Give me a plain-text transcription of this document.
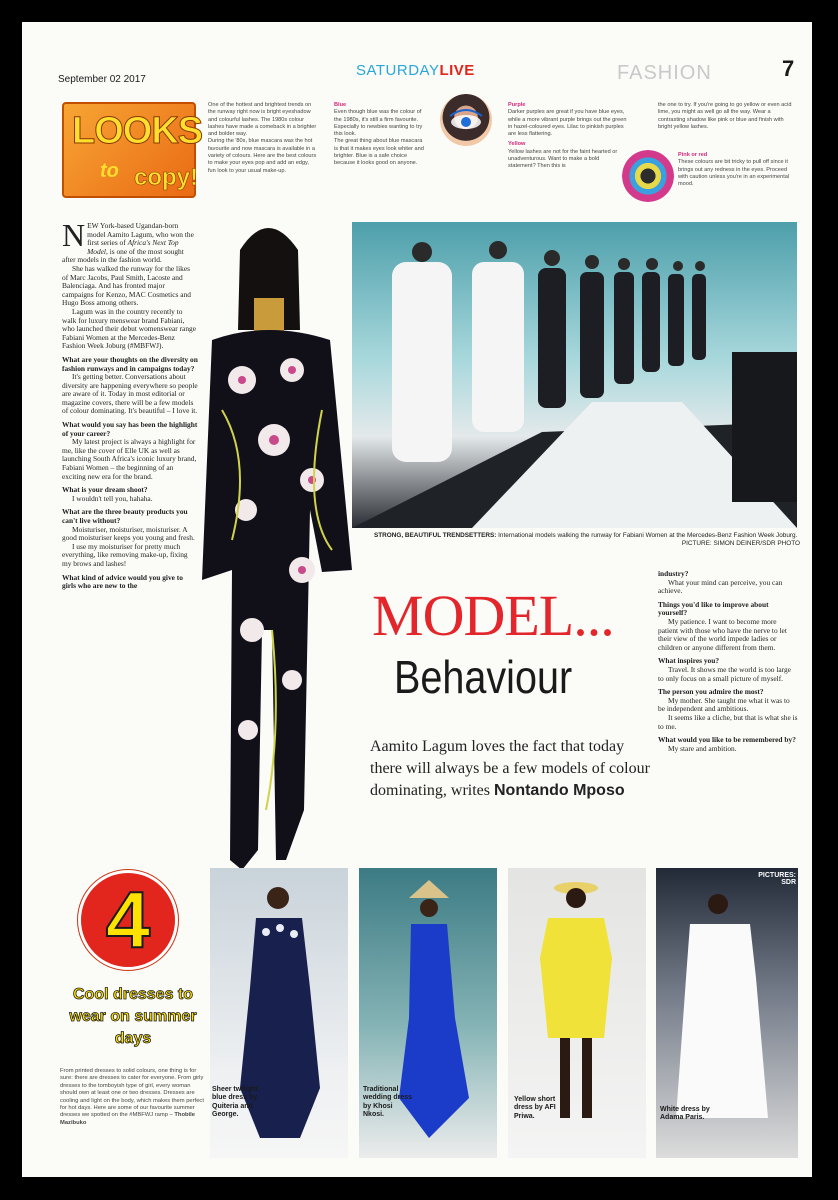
September 02 2017
SATURDAYLIVE	FASHION	7
LOOKS
to copy!
One of the hottest and brightest trends on the runway right now is bright eyeshadow and colourful lashes. The 1980s colour lashes have made a comeback in a brighter and bolder way.
During the '80s, blue mascara was the hot favourite and now mascara is available in a variety of colours. Here are the best colours to make your eyes pop and add an edgy, fun look to your usual make-up.
Blue
Even though blue was the colour of the 1980s, it's still a firm favourite. Especially to newbies wanting to try this look.
The great thing about blue mascara is that it makes eyes look whiter and brighter. Blue is a safe choice because it looks good on anyone.
Purple
Darker purples are great if you have blue eyes, while a more vibrant purple brings out the green in hazel-coloured eyes. Lilac to pinkish purples are less flattering.
Yellow
Yellow lashes are not for the faint hearted or unadventurous. Want to make a bold statement? Then this is
the one to try. If you're going to go yellow or even acid lime, you might as well go all the way. Wear a contrasting shadow like pink or blue and finish with bright yellow lashes.
Pink or red
These colours are bit tricky to pull off since it brings out any redness in the eyes. Proceed with caution unless you're in an experimental mood.
STRONG, BEAUTIFUL TRENDSETTERS: International models walking the runway for Fabiani Women at the Mercedes-Benz Fashion Week Joburg.
PICTURE: SIMON DEINER/SDR PHOTO
N EW York-based Ugandan-born model Aamito Lagum, who won the first series of Africa's Next Top Model, is one of the most sought after models in the fashion world.

She has walked the runway for the likes of Marc Jacobs, Paul Smith, Lacoste and Balenciaga. And has fronted major campaigns for Kenzo, MAC Cosmetics and Hugo Boss among others.

Lagum was in the country recently to walk for luxury menswear brand Fabiani, who launched their debut womenswear range Fabiani Women at the Mercedes-Benz Fashion Week Joburg (#MBFWJ).

What are your thoughts on the diversity on fashion runways and in campaigns today?

It's getting better. Conversations about diversity are happening everywhere so people are aware of it. Today in most editorial or magazine covers, there will be a few models of colour dominating. It's beautiful – I love it.

What would you say has been the highlight of your career?

My latest project is always a highlight for me, like the cover of Elle UK as well as launching South Africa's iconic luxury brand, Fabiani Women – the beginning of an exciting new era for the brand.

What is your dream shoot?

I wouldn't tell you, hahaha.

What are the three beauty products you can't live without?

Moisturiser, moisturiser, moisturiser. A good moisturiser keeps you young and fresh.

I use my moisturiser for pretty much everything, like removing make-up, fixing my brows and lashes!

What kind of advice would you give to girls who are new to the	MODEL...
Behaviour
Aamito Lagum loves the fact that today there will always be a few models of colour dominating, writes Nontando Mposo
industry?

What your mind can perceive, you can achieve.

Things you'd like to improve about yourself?

My patience. I want to become more patient with those who have the nerve to let their view of the world impede ladies or children or anyone different from them.

What inspires you?

Travel. It shows me the world is too large to only focus on a small picture of myself.

The person you admire the most?

My mother. She taught me what it was to be independent and ambitious.

It seems like a cliche, but that is what she is to me.

What would you like to be remembered by?

My stare and ambition.

4
Cool dresses to wear on summer days
From printed dresses to solid colours, one thing is for sure: there are dresses to cater for everyone. From girly dresses to the tomboyish type of girl, every woman should own at least one or two dresses. Dresses are cooling and light on the body, which makes them perfect for hot days. Here are some of our favourite summer dresses we spotted on the #MBFWJ ramp – Thobile Mazibuko
Sheer twilight blue dress by Quiteria and George.
Traditional wedding dress by Khosi Nkosi.
Yellow short dress by AFI Priwa.
PICTURES: SDR
White dress by Adama Paris.
